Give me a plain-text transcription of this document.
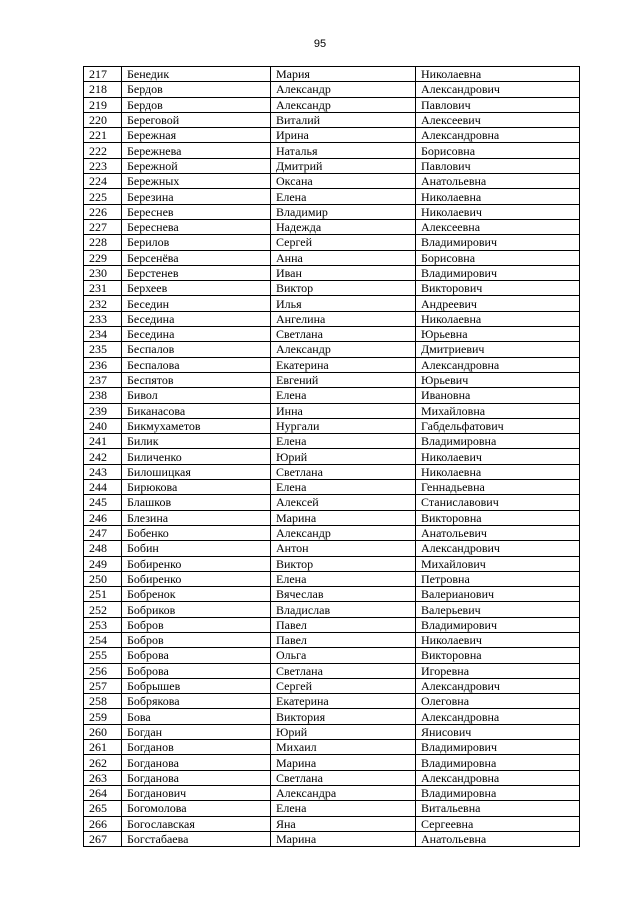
95
217	Бенедик	Мария	Николаевна
218	Бердов	Александр	Александрович
219	Бердов	Александр	Павлович
220	Береговой	Виталий	Алексеевич
221	Бережная	Ирина	Александровна
222	Бережнева	Наталья	Борисовна
223	Бережной	Дмитрий	Павлович
224	Бережных	Оксана	Анатольевна
225	Березина	Елена	Николаевна
226	Береснев	Владимир	Николаевич
227	Береснева	Надежда	Алексеевна
228	Берилов	Сергей	Владимирович
229	Берсенёва	Анна	Борисовна
230	Берстенев	Иван	Владимирович
231	Берхеев	Виктор	Викторович
232	Беседин	Илья	Андреевич
233	Беседина	Ангелина	Николаевна
234	Беседина	Светлана	Юрьевна
235	Беспалов	Александр	Дмитриевич
236	Беспалова	Екатерина	Александровна
237	Беспятов	Евгений	Юрьевич
238	Бивол	Елена	Ивановна
239	Биканасова	Инна	Михайловна
240	Бикмухаметов	Нургали	Габдельфатович
241	Билик	Елена	Владимировна
242	Биличенко	Юрий	Николаевич
243	Билошицкая	Светлана	Николаевна
244	Бирюкова	Елена	Геннадьевна
245	Блашков	Алексей	Станиславович
246	Блезина	Марина	Викторовна
247	Бобенко	Александр	Анатольевич
248	Бобин	Антон	Александрович
249	Бобиренко	Виктор	Михайлович
250	Бобиренко	Елена	Петровна
251	Бобренок	Вячеслав	Валерианович
252	Бобриков	Владислав	Валерьевич
253	Бобров	Павел	Владимирович
254	Бобров	Павел	Николаевич
255	Боброва	Ольга	Викторовна
256	Боброва	Светлана	Игоревна
257	Бобрышев	Сергей	Александрович
258	Бобрякова	Екатерина	Олеговна
259	Бова	Виктория	Александровна
260	Богдан	Юрий	Янисович
261	Богданов	Михаил	Владимирович
262	Богданова	Марина	Владимировна
263	Богданова	Светлана	Александровна
264	Богданович	Александра	Владимировна
265	Богомолова	Елена	Витальевна
266	Богославская	Яна	Сергеевна
267	Богстабаева	Марина	Анатольевна
